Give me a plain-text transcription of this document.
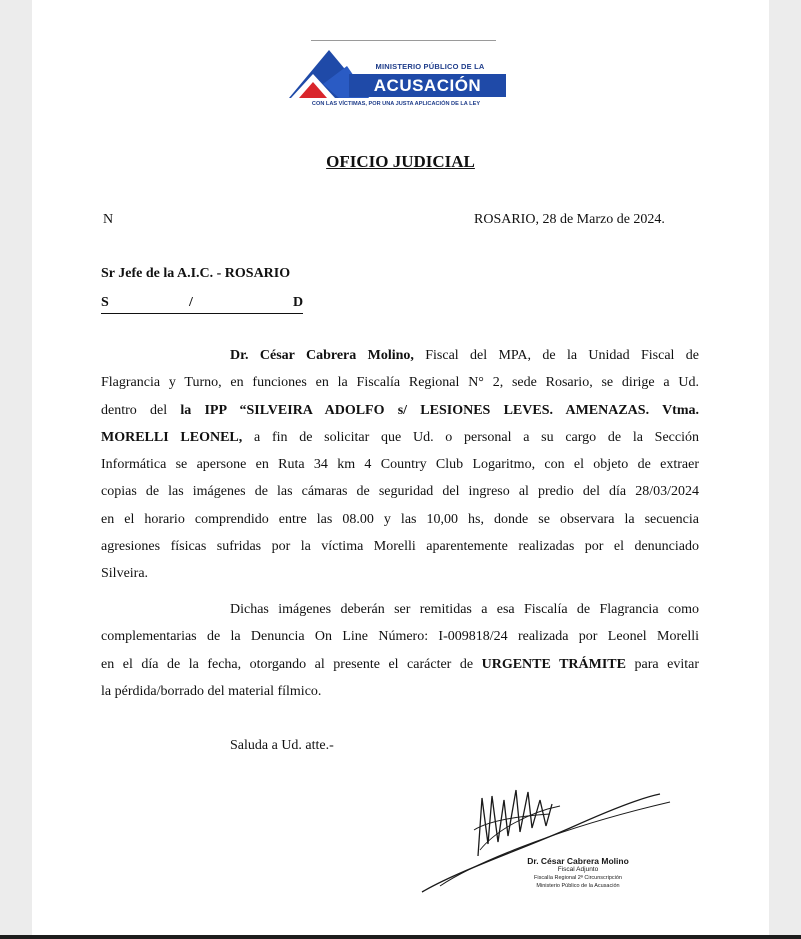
MINISTERIO PÚBLICO DE LA
ACUSACIÓN
CON LAS VÍCTIMAS, POR UNA JUSTA APLICACIÓN DE LA LEY
OFICIO JUDICIAL
N	ROSARIO, 28 de Marzo de 2024.
Sr Jefe de la A.I.C. - ROSARIO
S	/	D
Dr. César Cabrera Molino, Fiscal del MPA, de la Unidad Fiscal de
Flagrancia y Turno, en funciones en la Fiscalía Regional N° 2, sede Rosario, se dirige a Ud.
dentro del la IPP “SILVEIRA ADOLFO s/ LESIONES LEVES. AMENAZAS. Vtma.
MORELLI LEONEL, a fin de solicitar que Ud. o personal a su cargo de la Sección
Informática se apersone en Ruta 34 km 4 Country Club Logaritmo, con el objeto de extraer
copias de las imágenes de las cámaras de seguridad del ingreso al predio del día 28/03/2024
en el horario comprendido entre las 08.00 y las 10,00 hs, donde se observara la secuencia
agresiones físicas sufridas por la víctima Morelli aparentemente realizadas por el denunciado
Silveira.
Dichas imágenes deberán ser remitidas a esa Fiscalía de Flagrancia como
complementarias de la Denuncia On Line Número: I-009818/24 realizada por Leonel Morelli
en el día de la fecha, otorgando al presente el carácter de URGENTE TRÁMITE para evitar
la pérdida/borrado del material fílmico.
Saluda a Ud. atte.-
Dr. César Cabrera Molino
Fiscal Adjunto
Fiscalía Regional 2ª Circunscripción
Ministerio Público de la Acusación
